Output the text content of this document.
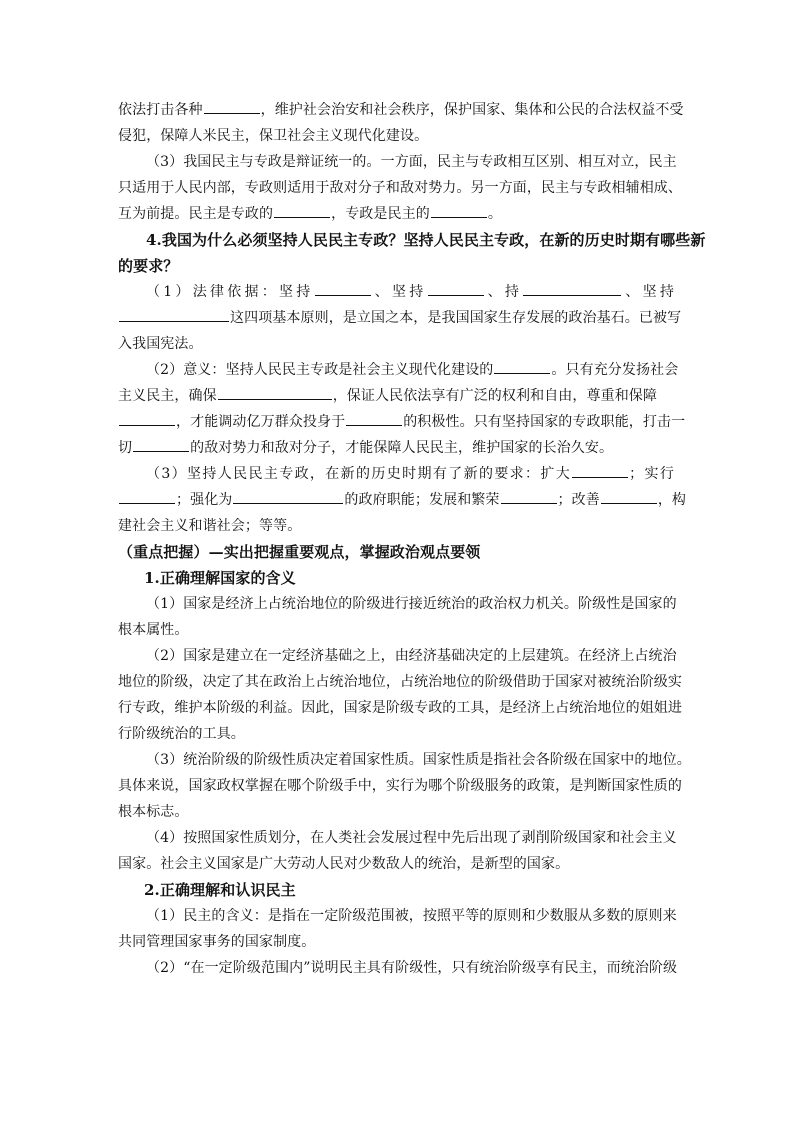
依法打击各种	，维护社会治安和社会秩序，保护国家、集体和公民的合法权益不受
侵犯，保障人米民主，保卫社会主义现代化建设。
（3）我国民主与专政是辩证统一的。一方面，民主与专政相互区别、相互对立，民主
只适用于人民内部，专政则适用于敌对分子和敌对势力。另一方面，民主与专政相辅相成、
互为前提。民主是专政的	，专政是民主的	。
4.我国为什么必须坚持人民民主专政？坚持人民民主专政，在新的历史时期有哪些新
的要求？
（1）法律依据：坚持	、坚持	、持	、坚持
这四项基本原则，是立国之本，是我国国家生存发展的政治基石。已被写
入我国宪法。
（2）意义：坚持人民民主专政是社会主义现代化建设的	。只有充分发扬社会
主义民主，确保	，保证人民依法享有广泛的权利和自由，尊重和保障
，才能调动亿万群众投身于	的积极性。只有坚持国家的专政职能，打击一
切	的敌对势力和敌对分子，才能保障人民民主，维护国家的长治久安。
（3）坚持人民民主专政，在新的历史时期有了新的要求：扩大	；实行
；强化为	的政府职能；发展和繁荣	；改善	，构
建社会主义和谐社会；等等。
（重点把握）—实出把握重要观点，掌握政治观点要领
1.正确理解国家的含义
（1）国家是经济上占统治地位的阶级进行接近统治的政治权力机关。阶级性是国家的
根本属性。
（2）国家是建立在一定经济基础之上，由经济基础决定的上层建筑。在经济上占统治
地位的阶级，决定了其在政治上占统治地位，占统治地位的阶级借助于国家对被统治阶级实
行专政，维护本阶级的利益。因此，国家是阶级专政的工具，是经济上占统治地位的姐姐进
行阶级统治的工具。
（3）统治阶级的阶级性质决定着国家性质。国家性质是指社会各阶级在国家中的地位。
具体来说，国家政权掌握在哪个阶级手中，实行为哪个阶级服务的政策，是判断国家性质的
根本标志。
（4）按照国家性质划分，在人类社会发展过程中先后出现了剥削阶级国家和社会主义
国家。社会主义国家是广大劳动人民对少数敌人的统治，是新型的国家。
2.正确理解和认识民主
（1）民主的含义：是指在一定阶级范围被，按照平等的原则和少数服从多数的原则来
共同管理国家事务的国家制度。
（2）“在一定阶级范围内”说明民主具有阶级性，只有统治阶级享有民主，而统治阶级
